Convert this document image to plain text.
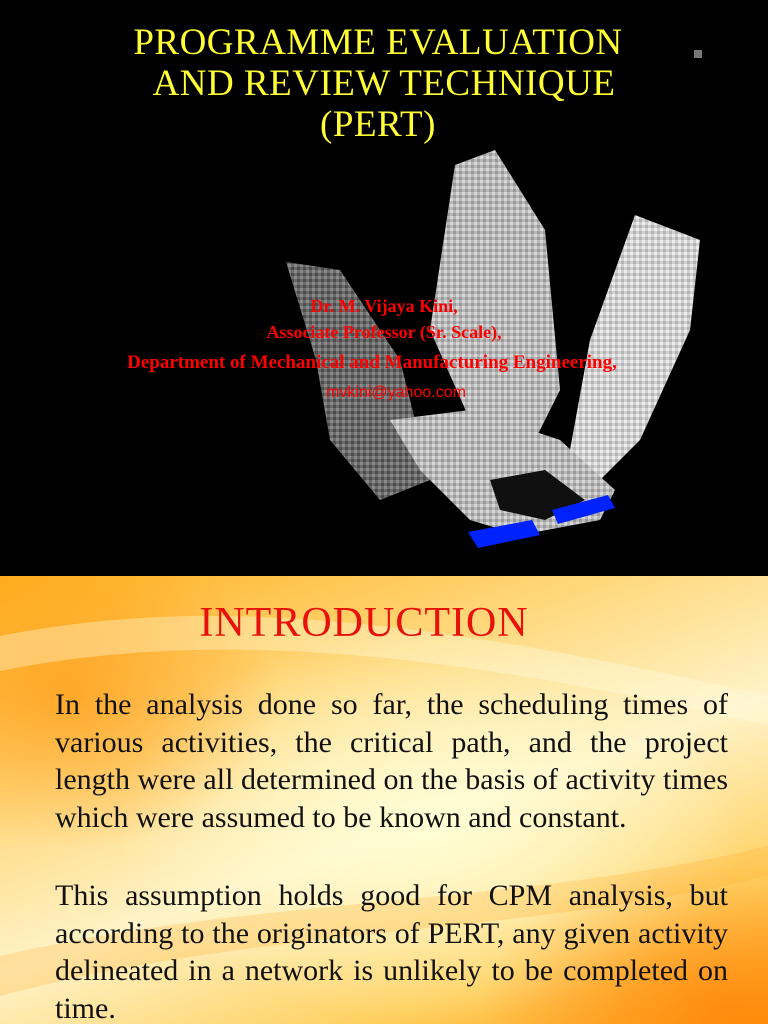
PROGRAMME EVALUATION
AND REVIEW TECHNIQUE
(PERT)
Dr. M. Vijaya Kini,
Associate Professor (Sr. Scale),
Department of Mechanical and Manufacturing Engineering,
mvkini@yahoo.com
INTRODUCTION
In the analysis done so far, the scheduling times of various activities, the critical path, and the project length were all determined on the basis of activity times which were assumed to be known and constant.
This assumption holds good for CPM analysis, but according to the originators of PERT, any given activity delineated in a network is unlikely to be completed on time.
